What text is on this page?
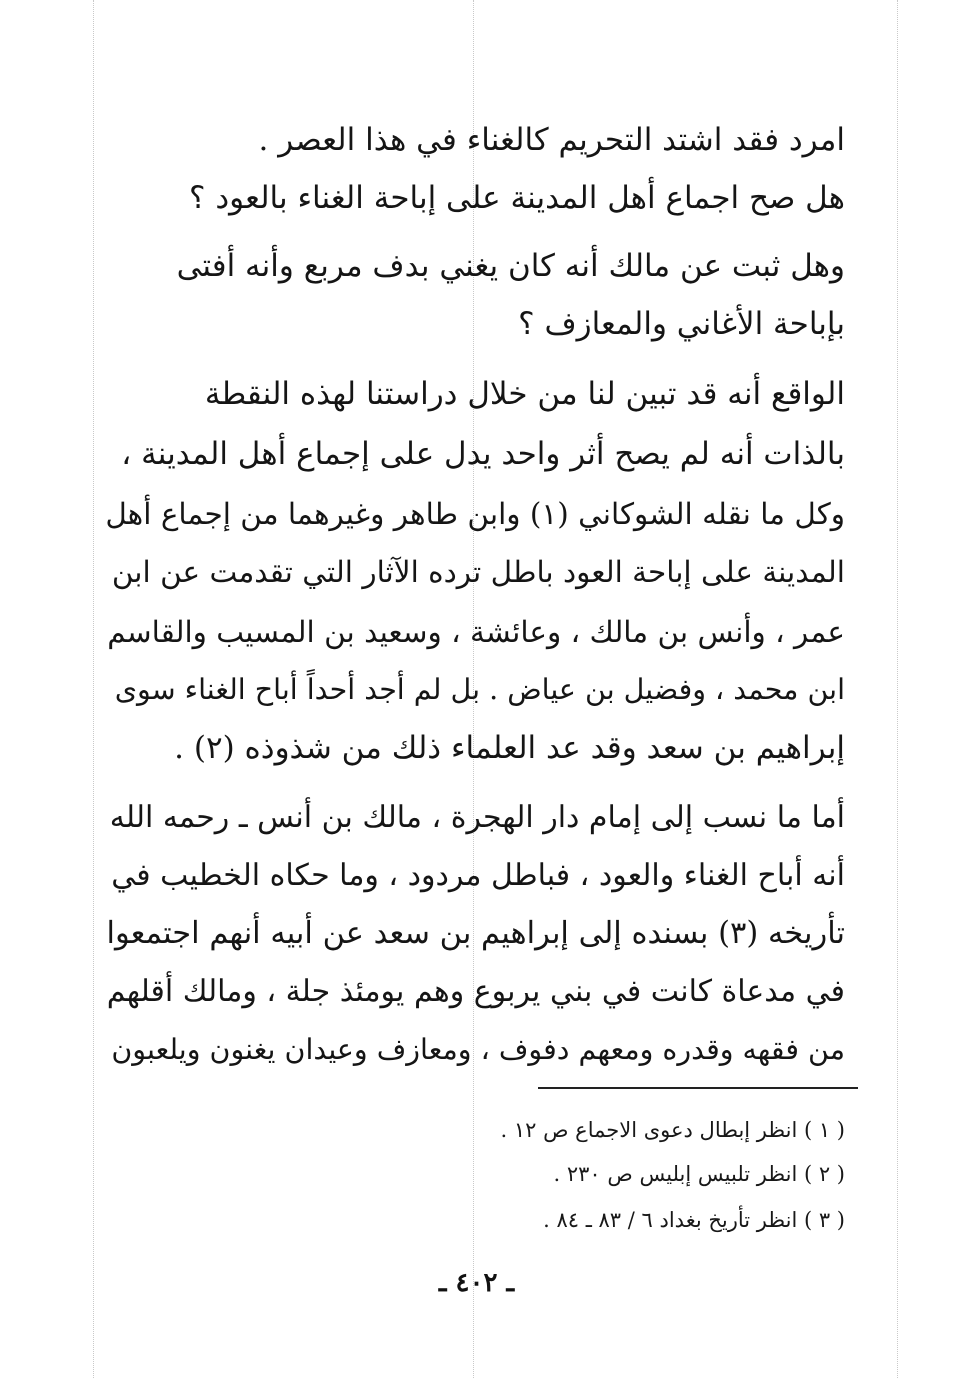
امرد فقد اشتد التحريم كالغناء في هذا العصر .
هل صح اجماع أهل المدينة على إباحة الغناء بالعود ؟
وهل ثبت عن مالك أنه كان يغني بدف مربع وأنه أفتى
بإباحة الأغاني والمعازف ؟
الواقع أنه قد تبين لنا من خلال دراستنا لهذه النقطة
بالذات أنه لم يصح أثر واحد يدل على إجماع أهل المدينة ،
وكل ما نقله الشوكاني (١) وابن طاهر وغيرهما من إجماع أهل
المدينة على إباحة العود باطل ترده الآثار التي تقدمت عن ابن
عمر ، وأنس بن مالك ، وعائشة ، وسعيد بن المسيب والقاسم
ابن محمد ، وفضيل بن عياض . بل لم أجد أحداً أباح الغناء سوى
إبراهيم بن سعد وقد عد العلماء ذلك من شذوذه (٢) .
أما ما نسب إلى إمام دار الهجرة ، مالك بن أنس ـ رحمه الله
أنه أباح الغناء والعود ، فباطل مردود ، وما حكاه الخطيب في
تأريخه (٣) بسنده إلى إبراهيم بن سعد عن أبيه أنهم اجتمعوا
في مدعاة كانت في بني يربوع وهم يومئذ جلة ، ومالك أقلهم
من فقهه وقدره ومعهم دفوف ، ومعازف وعيدان يغنون ويلعبون
( ١ ) انظر إبطال دعوى الاجماع ص ١٢ .
( ٢ ) انظر تلبيس إبليس ص ٢٣٠ .
( ٣ ) انظر تأريخ بغداد ٦ / ٨٣ ـ ٨٤ .
ـ ٤٠٢ ـ
